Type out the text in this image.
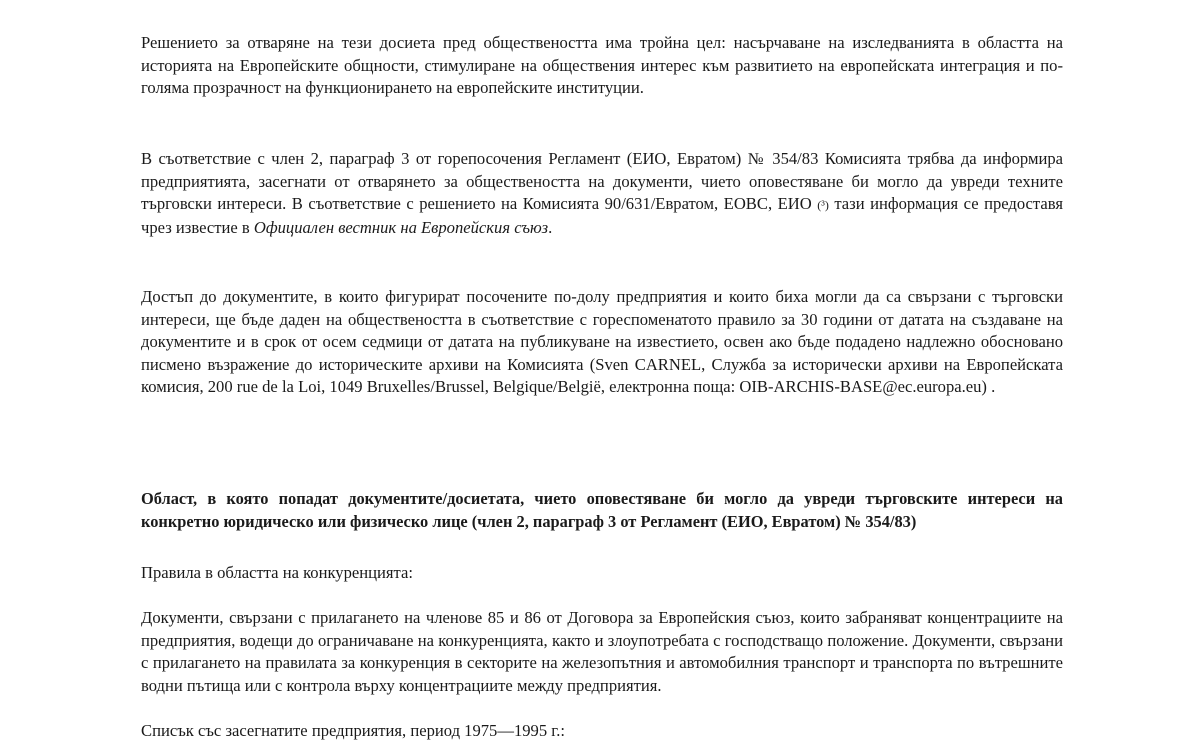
Решението за отваряне на тези досиета пред обществеността има тройна цел: насърчаване на изследванията в областта на историята на Европейските общности, стимулиране на обществения интерес към развитието на европейската интеграция и по-голяма прозрачност на функционирането на европейските институции.

В съответствие с член 2, параграф 3 от горепосочения Регламент (ЕИО, Евратом) № 354/83 Комисията трябва да информира предприятията, засегнати от отварянето за обществеността на документи, чието оповестяване би могло да увреди техните търговски интереси. В съответствие с решението на Комисията 90/631/Евратом, ЕОВС, ЕИО (³) тази информация се предоставя чрез известие в Официален вестник на Европейския съюз.

Достъп до документите, в които фигурират посочените по-долу предприятия и които биха могли да са свързани с търговски интереси, ще бъде даден на обществеността в съответствие с гореспоменатото правило за 30 години от датата на създаване на документите и в срок от осем седмици от датата на публикуване на известието, освен ако бъде подадено надлежно обосновано писмено възражение до историческите архиви на Комисията (Sven CARNEL, Служба за исторически архиви на Европейската комисия, 200 rue de la Loi, 1049 Bruxelles/Brussel, Belgique/België, електронна поща: OIB-ARCHIS-BASE@ec.europa.eu) .

Област, в която попадат документите/досиетата, чието оповестяване би могло да увреди търговските интереси на конкретно юридическо или физическо лице (член 2, параграф 3 от Регламент (ЕИО, Евратом) № 354/83)

Правила в областта на конкуренцията:

Документи, свързани с прилагането на членове 85 и 86 от Договора за Европейския съюз, които забраняват концентрациите на предприятия, водещи до ограничаване на конкуренцията, както и злоупотребата с господстващо положение. Документи, свързани с прилагането на правилата за конкуренция в секторите на железопътния и автомобилния транспорт и транспорта по вътрешните водни пътища или с контрола върху концентрациите между предприятия.

Списък със засегнатите предприятия, период 1975—1995 г.:
